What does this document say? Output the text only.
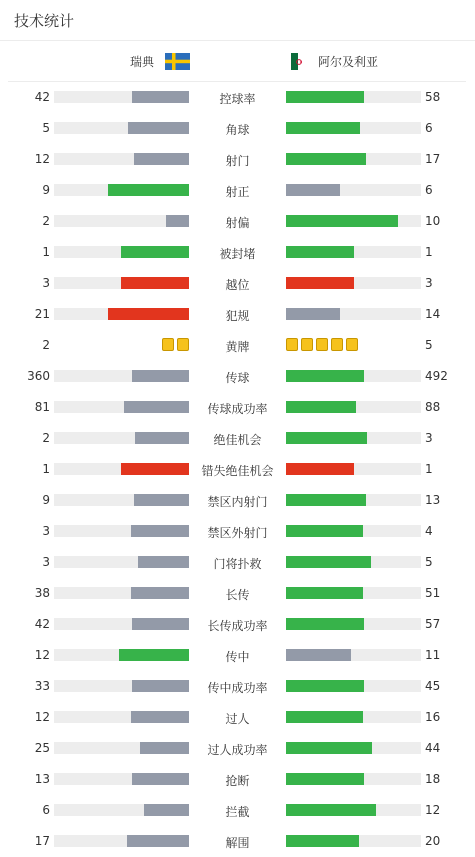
技术统计
瑞典	阿尔及利亚
42	控球率	58
5	角球	6
12	射门	17
9	射正	6
2	射偏	10
1	被封堵	1
3	越位	3
21	犯规	14
2	黄牌	5
360	传球	492
81	传球成功率	88
2	绝佳机会	3
1	错失绝佳机会	1
9	禁区内射门	13
3	禁区外射门	4
3	门将扑救	5
38	长传	51
42	长传成功率	57
12	传中	11
33	传中成功率	45
12	过人	16
25	过人成功率	44
13	抢断	18
6	拦截	12
17	解围	20
